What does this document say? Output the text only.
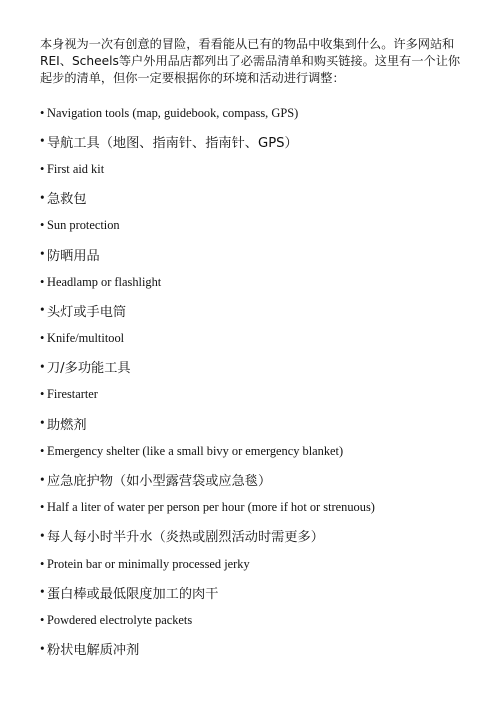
本身视为一次有创意的冒险，看看能从已有的物品中收集到什么。许多网站和REI、Scheels等户外用品店都列出了必需品清单和购买链接。这里有一个让你起步的清单，但你一定要根据你的环境和活动进行调整：

• Navigation tools (map, guidebook, compass, GPS)
• 导航工具（地图、指南针、指南针、GPS）
• First aid kit
• 急救包
• Sun protection
• 防晒用品
• Headlamp or flashlight
• 头灯或手电筒
• Knife/multitool
• 刀/多功能工具
• Firestarter
• 助燃剂
• Emergency shelter (like a small bivy or emergency blanket)
• 应急庇护物（如小型露营袋或应急毯）
• Half a liter of water per person per hour (more if hot or strenuous)
• 每人每小时半升水（炎热或剧烈活动时需更多）
• Protein bar or minimally processed jerky
• 蛋白棒或最低限度加工的肉干
• Powdered electrolyte packets
• 粉状电解质冲剂
